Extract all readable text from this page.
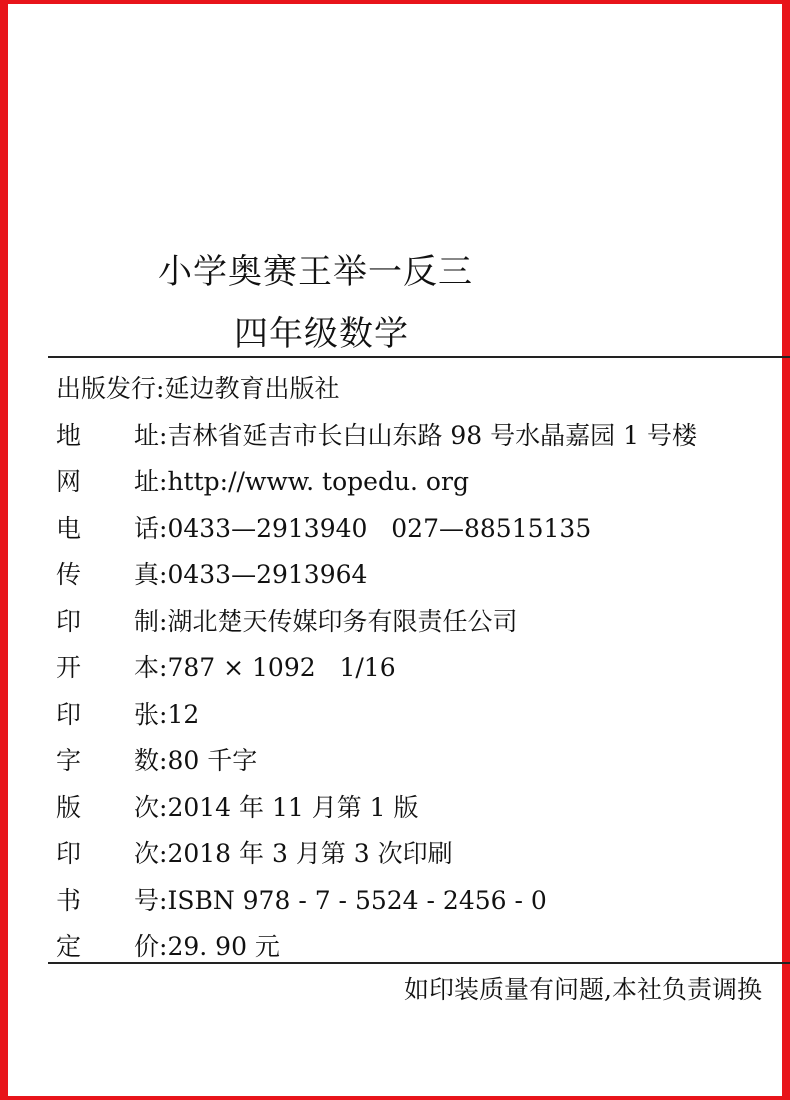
小学奥赛王举一反三
四年级数学
出版发行:延边教育出版社
地 址:吉林省延吉市长白山东路 98 号水晶嘉园 1 号楼
网 址:http://www. topedu. org
电 话:0433—2913940   027—88515135
传 真:0433—2913964
印 制:湖北楚天传媒印务有限责任公司
开 本:787 × 1092   1/16
印 张:12
字 数:80 千字
版 次:2014 年 11 月第 1 版
印 次:2018 年 3 月第 3 次印刷
书 号:ISBN 978 - 7 - 5524 - 2456 - 0
定 价:29. 90 元
如印装质量有问题,本社负责调换
